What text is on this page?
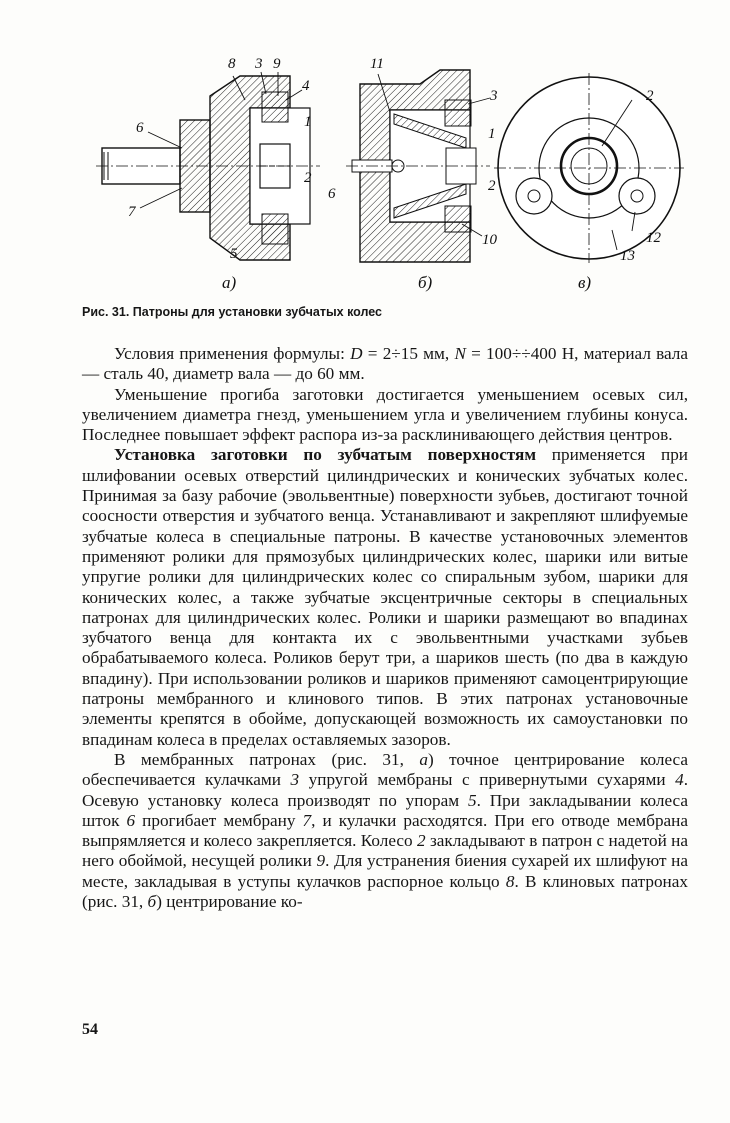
8 3 9
4
1
6
2
7
5
11
3
1
6	2
10
2
12
13
а)	б)	в)
Рис. 31. Патроны для установки зубчатых колес

Условия применения формулы: D = 2÷15 мм, N = 100÷÷400 Н, материал вала — сталь 40, диаметр вала — до 60 мм.

Уменьшение прогиба заготовки достигается уменьшением осевых сил, увеличением диаметра гнезд, уменьшением угла и увеличением глубины конуса. Последнее повышает эффект распора из-за расклинивающего действия центров.

Установка заготовки по зубчатым поверхностям применяется при шлифовании осевых отверстий цилиндрических и конических зубчатых колес. Принимая за базу рабочие (эвольвентные) поверхности зубьев, достигают точной соосности отверстия и зубчатого венца. Устанавливают и закрепляют шлифуемые зубчатые колеса в специальные патроны. В качестве установочных элементов применяют ролики для прямозубых цилиндрических колес, шарики или витые упругие ролики для цилиндрических колес со спиральным зубом, шарики для конических колес, а также зубчатые эксцентричные секторы в специальных патронах для цилиндрических колес. Ролики и шарики размещают во впадинах зубчатого венца для контакта их с эвольвентными участками зубьев обрабатываемого колеса. Роликов берут три, а шариков шесть (по два в каждую впадину). При использовании роликов и шариков применяют самоцентрирующие патроны мембранного и клинового типов. В этих патронах установочные элементы крепятся в обойме, допускающей возможность их самоустановки по впадинам колеса в пределах оставляемых зазоров.

В мембранных патронах (рис. 31, а) точное центрирование колеса обеспечивается кулачками 3 упругой мембраны с привернутыми сухарями 4. Осевую установку колеса производят по упорам 5. При закладывании колеса шток 6 прогибает мембрану 7, и кулачки расходятся. При его отводе мембрана выпрямляется и колесо закрепляется. Колесо 2 закладывают в патрон с надетой на него обоймой, несущей ролики 9. Для устранения биения сухарей их шлифуют на месте, закладывая в уступы кулачков распорное кольцо 8. В клиновых патронах (рис. 31, б) центрирование ко-

54
